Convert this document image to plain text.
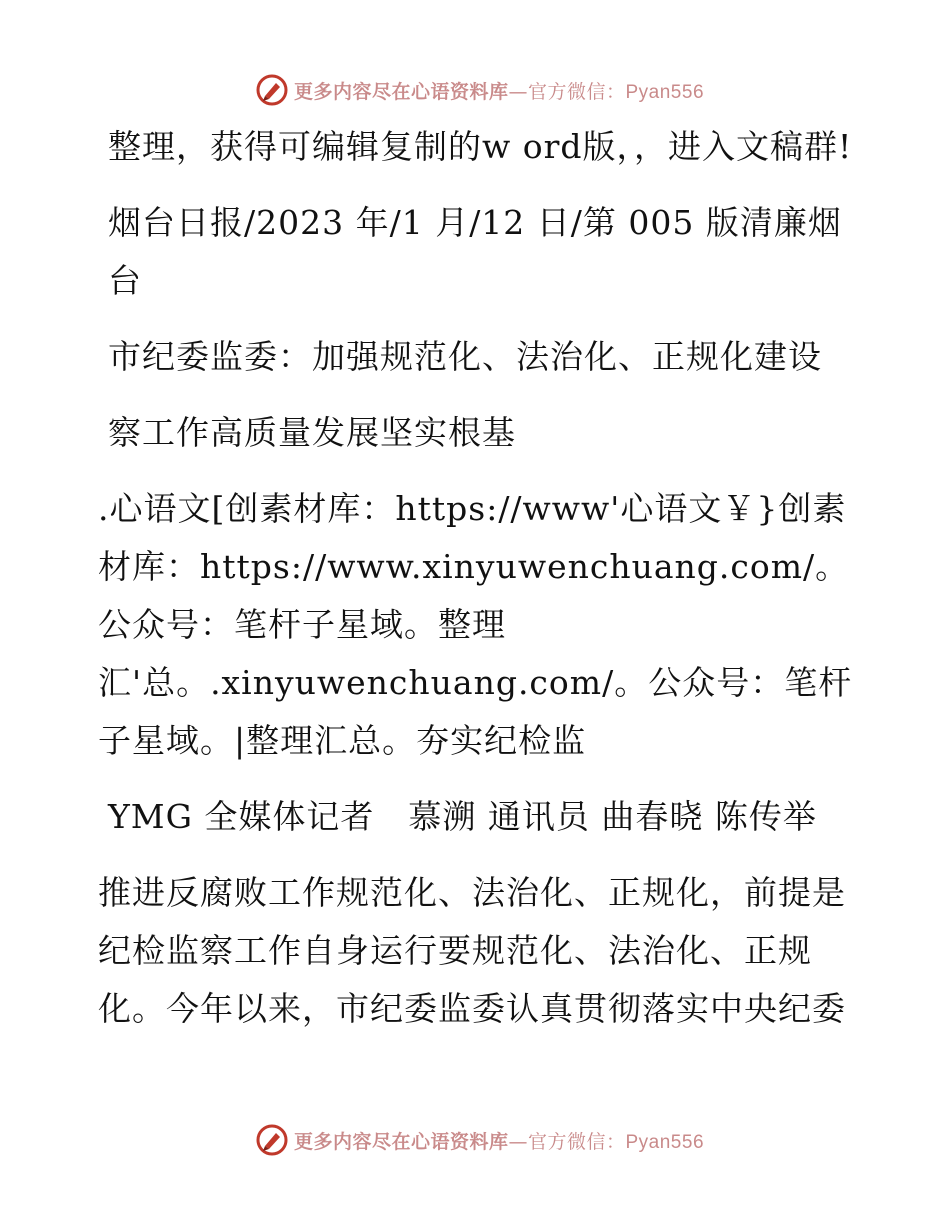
更多内容尽在心语资料库—官方微信：Pyan556

整理，获得可编辑复制的w ord版，，进入文稿群!

烟台日报/2023 年/1 月/12 日/第 005 版清廉烟台

市纪委监委：加强规范化、法治化、正规化建设

察工作高质量发展坚实根基

.心语文[创素材库：https://www'心语文￥}创素材库：https://www.xinyuwenchuang.com/。公众号：笔杆子星域。整理

汇'总。.xinyuwenchuang.com/。公众号：笔杆子星域。|整理汇总。夯实纪检监

YMG 全媒体记者　慕溯 通讯员 曲春晓 陈传举

推进反腐败工作规范化、法治化、正规化，前提是纪检监察工作自身运行要规范化、法治化、正规化。今年以来，市纪委监委认真贯彻落实中央纪委

更多内容尽在心语资料库—官方微信：Pyan556
